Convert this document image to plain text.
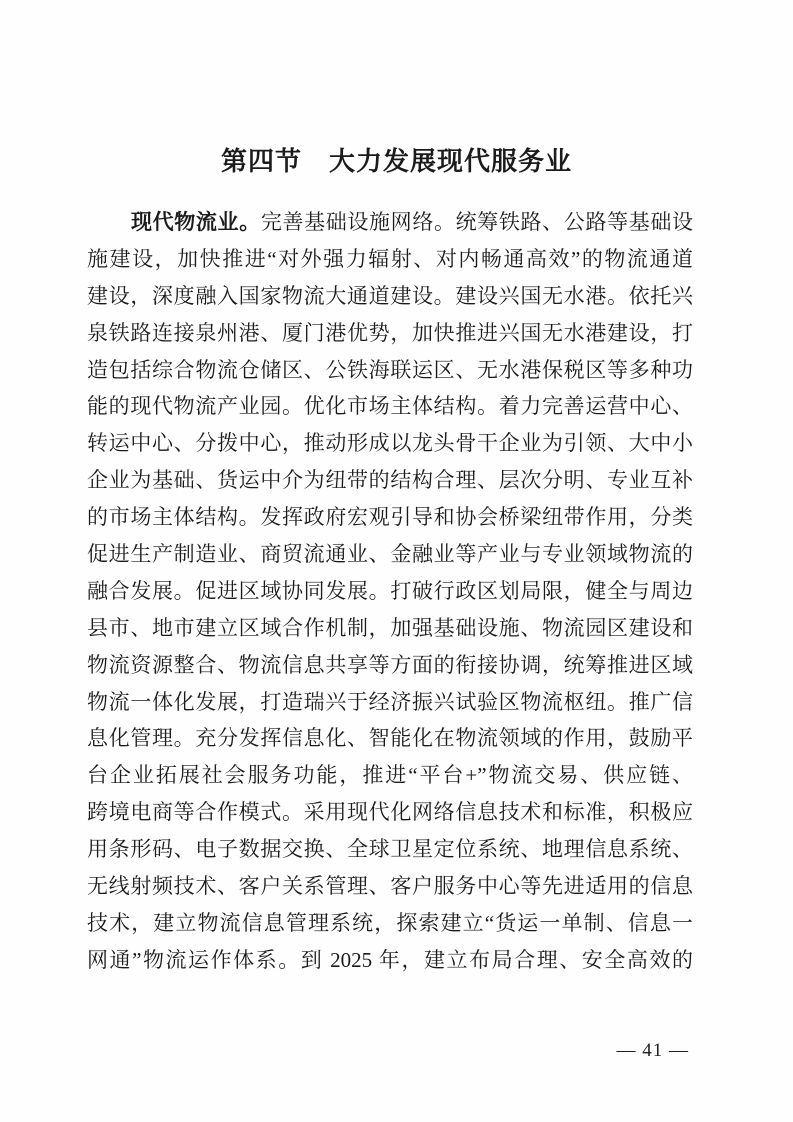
第四节　大力发展现代服务业
现代物流业。完善基础设施网络。统筹铁路、公路等基础设
施建设，加快推进“对外强力辐射、对内畅通高效”的物流通道
建设，深度融入国家物流大通道建设。建设兴国无水港。依托兴
泉铁路连接泉州港、厦门港优势，加快推进兴国无水港建设，打
造包括综合物流仓储区、公铁海联运区、无水港保税区等多种功
能的现代物流产业园。优化市场主体结构。着力完善运营中心、
转运中心、分拨中心，推动形成以龙头骨干企业为引领、大中小
企业为基础、货运中介为纽带的结构合理、层次分明、专业互补
的市场主体结构。发挥政府宏观引导和协会桥梁纽带作用，分类
促进生产制造业、商贸流通业、金融业等产业与专业领域物流的
融合发展。促进区域协同发展。打破行政区划局限，健全与周边
县市、地市建立区域合作机制，加强基础设施、物流园区建设和
物流资源整合、物流信息共享等方面的衔接协调，统筹推进区域
物流一体化发展，打造瑞兴于经济振兴试验区物流枢纽。推广信
息化管理。充分发挥信息化、智能化在物流领域的作用，鼓励平
台企业拓展社会服务功能，推进“平台+”物流交易、供应链、
跨境电商等合作模式。采用现代化网络信息技术和标准，积极应
用条形码、电子数据交换、全球卫星定位系统、地理信息系统、
无线射频技术、客户关系管理、客户服务中心等先进适用的信息
技术，建立物流信息管理系统，探索建立“货运一单制、信息一
网通”物流运作体系。到 2025 年，建立布局合理、安全高效的
— 41 —
